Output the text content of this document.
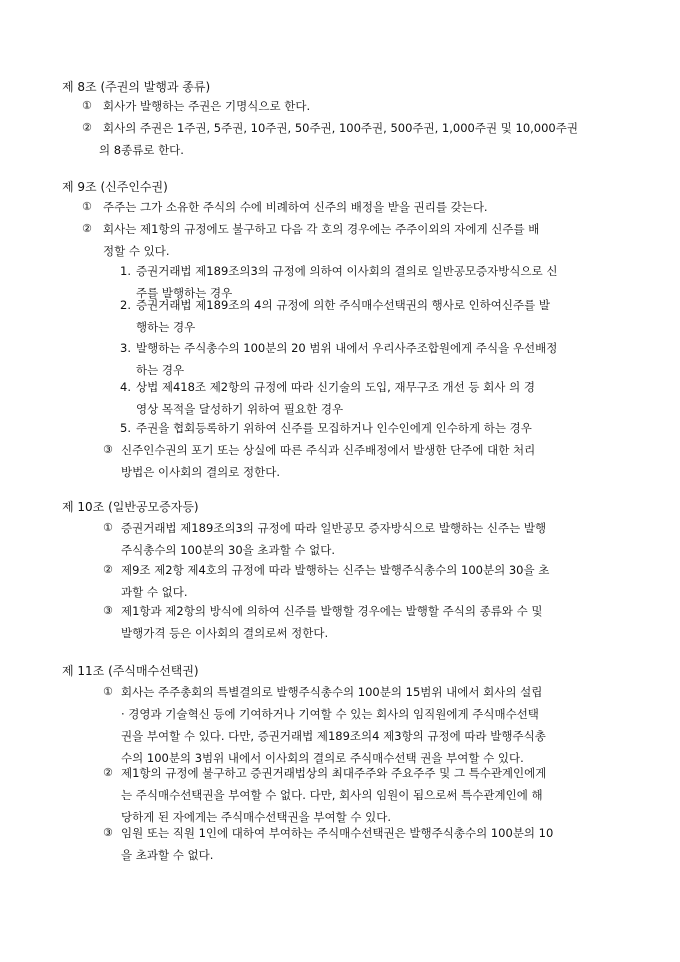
제 8조 (주권의 발행과 종류)
① 회사가 발행하는 주권은 기명식으로 한다.
② 회사의 주권은 1주권, 5주권, 10주권, 50주권, 100주권, 500주권, 1,000주권 및 10,000주권
의 8종류로 한다.
제 9조 (신주인수권)
① 주주는 그가 소유한 주식의 수에 비례하여 신주의 배정을 받을 권리를 갖는다.
② 회사는 제1항의 규정에도 불구하고 다음 각 호의 경우에는 주주이외의 자에게 신주를 배
정할 수 있다.
1. 증권거래법 제189조의3의 규정에 의하여 이사회의 결의로 일반공모증자방식으로 신
주를 발행하는 경우
2. 증권거래법 제189조의 4의 규정에 의한 주식매수선택권의 행사로 인하여신주를 발
행하는 경우
3. 발행하는 주식총수의 100분의 20 범위 내에서 우리사주조합원에게 주식을 우선배정
하는 경우
4. 상법 제418조 제2항의 규정에 따라 신기술의 도입, 재무구조 개선 등 회사 의 경
영상 목적을 달성하기 위하여 필요한 경우
5. 주권을 협회등록하기 위하여 신주를 모집하거나 인수인에게 인수하게 하는 경우
③ 신주인수권의 포기 또는 상실에 따른 주식과 신주배정에서 발생한 단주에 대한 처리
방법은 이사회의 결의로 정한다.
제 10조 (일반공모증자등)
① 증권거래법 제189조의3의 규정에 따라 일반공모 증자방식으로 발행하는 신주는 발행
주식총수의 100분의 30을 초과할 수 없다.
② 제9조 제2항 제4호의 규정에 따라 발행하는 신주는 발행주식총수의 100분의 30을 초
과할 수 없다.
③ 제1항과 제2항의 방식에 의하여 신주를 발행할 경우에는 발행할 주식의 종류와 수 및
발행가격 등은 이사회의 결의로써 정한다.
제 11조 (주식매수선택권)
① 회사는 주주총회의 특별결의로 발행주식총수의 100분의 15범위 내에서 회사의 설립
· 경영과 기술혁신 등에 기여하거나 기여할 수 있는 회사의 임직원에게 주식매수선택
권을 부여할 수 있다. 다만, 증권거래법 제189조의4 제3항의 규정에 따라 발행주식총
수의 100분의 3범위 내에서 이사회의 결의로 주식매수선택 권을 부여할 수 있다.
② 제1항의 규정에 불구하고 증권거래법상의 최대주주와 주요주주 및 그 특수관계인에게
는 주식매수선택권을 부여할 수 없다. 다만, 회사의 임원이 됨으로써 특수관계인에 해
당하게 된 자에게는 주식매수선택권을 부여할 수 있다.
③ 임원 또는 직원 1인에 대하여 부여하는 주식매수선택권은 발행주식총수의 100분의 10
을 초과할 수 없다.
